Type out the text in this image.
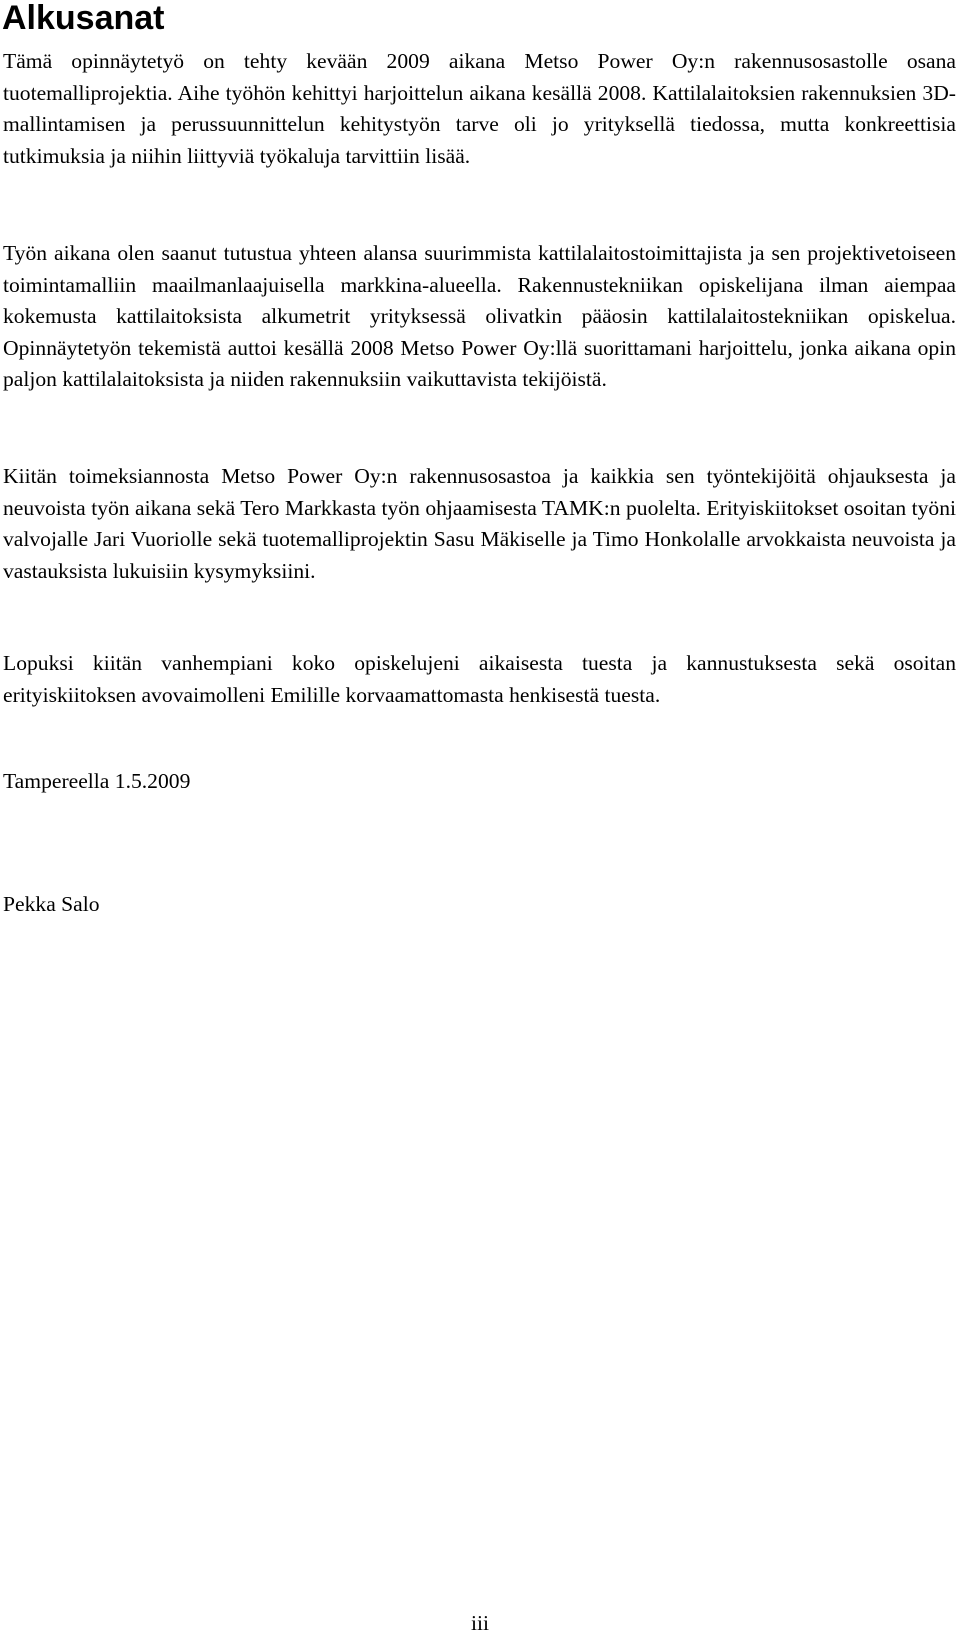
Alkusanat

Tämä opinnäytetyö on tehty kevään 2009 aikana Metso Power Oy:n rakennusosastolle osana tuotemalliprojektia. Aihe työhön kehittyi harjoittelun aikana kesällä 2008. Kattilalaitoksien rakennuksien 3D-mallintamisen ja perussuunnittelun kehitystyön tarve oli jo yrityksellä tiedossa, mutta konkreettisia tutkimuksia ja niihin liittyviä työkaluja tarvittiin lisää.

Työn aikana olen saanut tutustua yhteen alansa suurimmista kattilalaitostoimittajista ja sen projektivetoiseen toimintamalliin maailmanlaajuisella markkina-alueella. Rakennustekniikan opiskelijana ilman aiempaa kokemusta kattilaitoksista alkumetrit yrityksessä olivatkin pääosin kattilalaitostekniikan opiskelua. Opinnäytetyön tekemistä auttoi kesällä 2008 Metso Power Oy:llä suorittamani harjoittelu, jonka aikana opin paljon kattilalaitoksista ja niiden rakennuksiin vaikuttavista tekijöistä.

Kiitän toimeksiannosta Metso Power Oy:n rakennusosastoa ja kaikkia sen työntekijöitä ohjauksesta ja neuvoista työn aikana sekä Tero Markkasta työn ohjaamisesta TAMK:n puolelta. Erityiskiitokset osoitan työni valvojalle Jari Vuoriolle sekä tuotemalliprojektin Sasu Mäkiselle ja Timo Honkolalle arvokkaista neuvoista ja vastauksista lukuisiin kysymyksiini.

Lopuksi kiitän vanhempiani koko opiskelujeni aikaisesta tuesta ja kannustuksesta sekä osoitan erityiskiitoksen avovaimolleni Emilille korvaamattomasta henkisestä tuesta.

Tampereella 1.5.2009

Pekka Salo

iii
